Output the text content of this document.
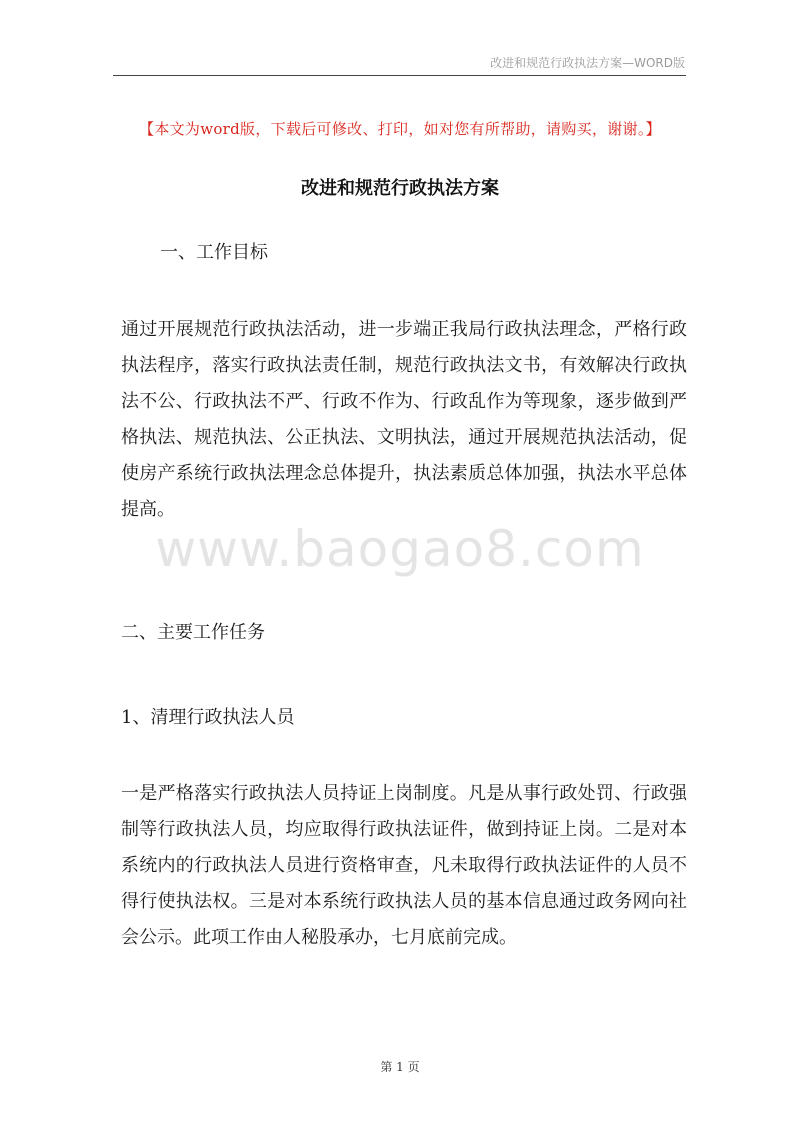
改进和规范行政执法方案—WORD版
【本文为word版，下载后可修改、打印，如对您有所帮助，请购买，谢谢。】
改进和规范行政执法方案
一、工作目标
通过开展规范行政执法活动，进一步端正我局行政执法理念，严格行政执法程序，落实行政执法责任制，规范行政执法文书，有效解决行政执法不公、行政执法不严、行政不作为、行政乱作为等现象，逐步做到严格执法、规范执法、公正执法、文明执法，通过开展规范执法活动，促使房产系统行政执法理念总体提升，执法素质总体加强，执法水平总体提高。
www.baogao8.com
二、主要工作任务
1、清理行政执法人员
一是严格落实行政执法人员持证上岗制度。凡是从事行政处罚、行政强制等行政执法人员，均应取得行政执法证件，做到持证上岗。二是对本系统内的行政执法人员进行资格审查，凡未取得行政执法证件的人员不得行使执法权。三是对本系统行政执法人员的基本信息通过政务网向社会公示。此项工作由人秘股承办，七月底前完成。
第 1 页
